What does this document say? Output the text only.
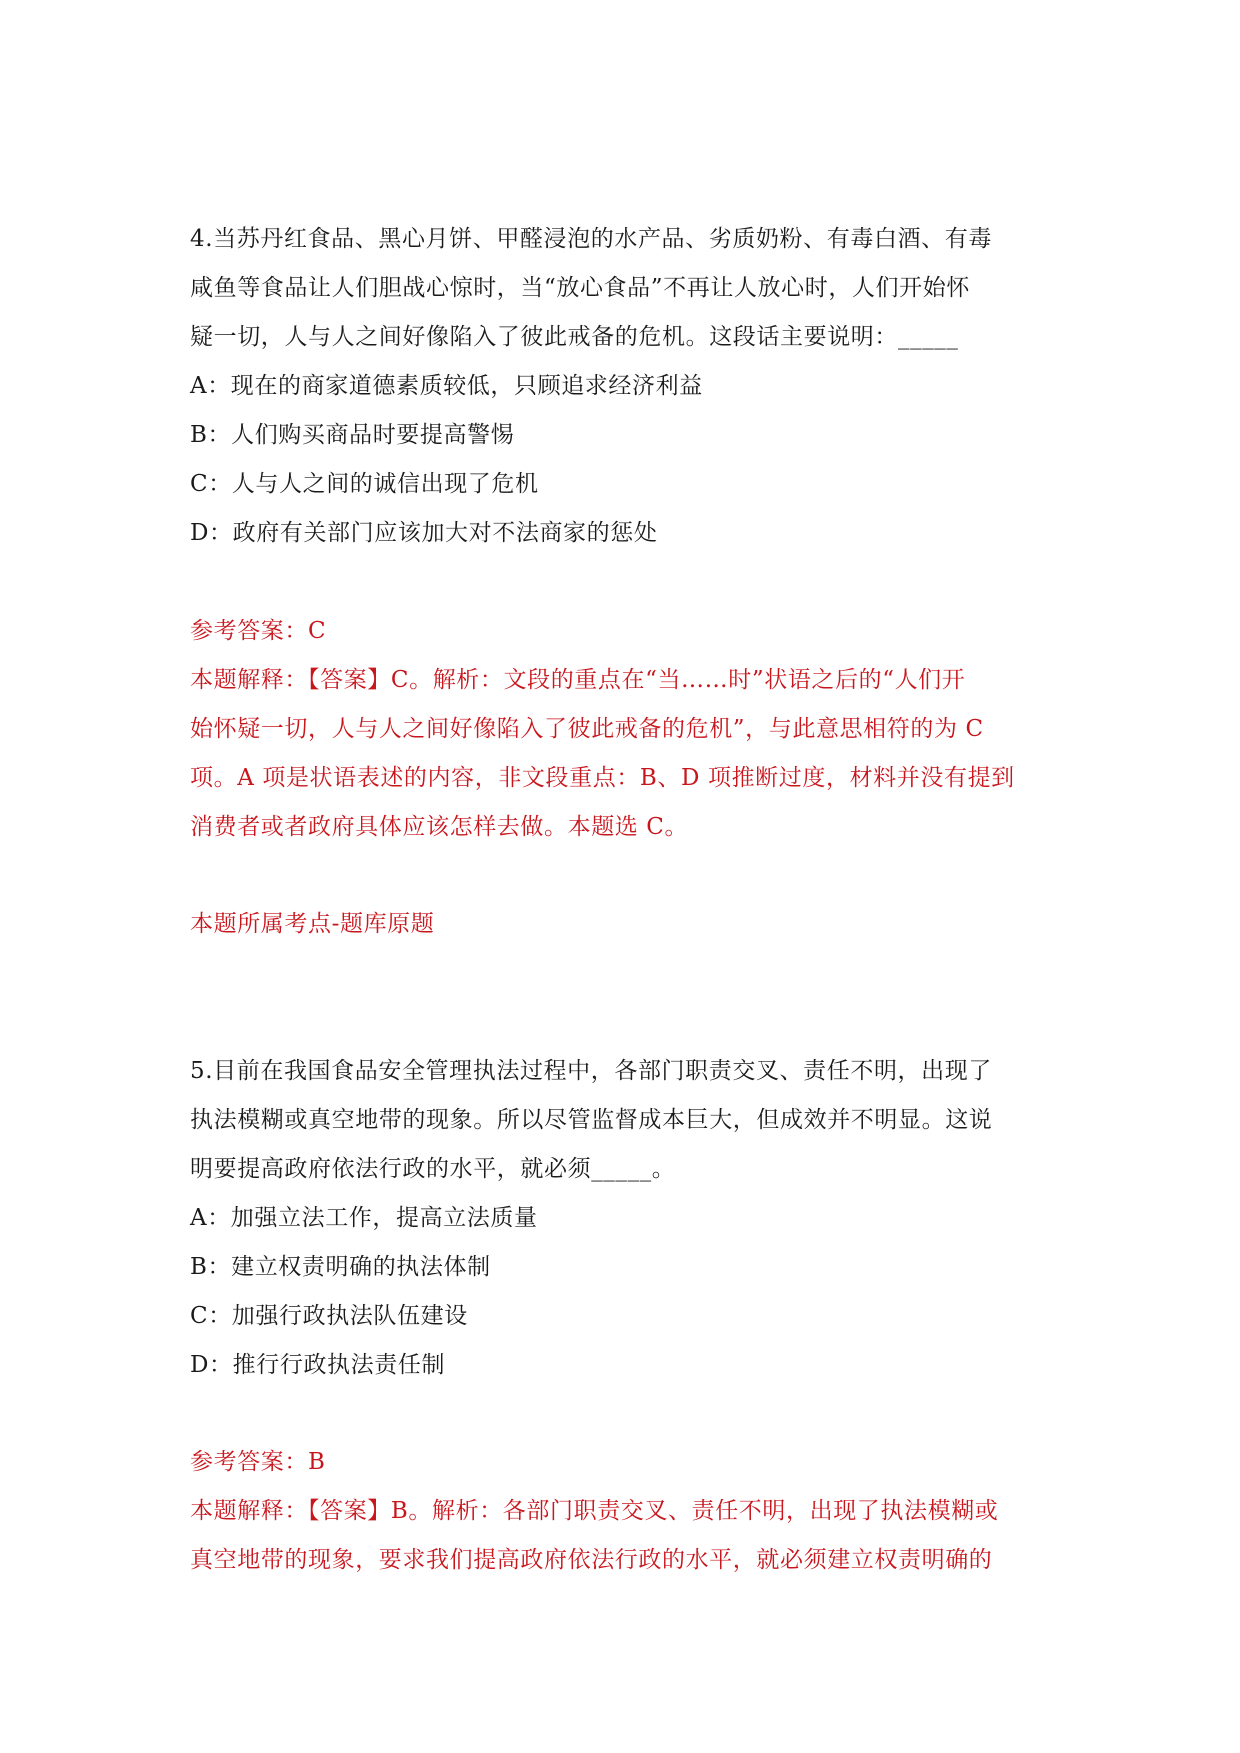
4.当苏丹红食品、黑心月饼、甲醛浸泡的水产品、劣质奶粉、有毒白酒、有毒
咸鱼等食品让人们胆战心惊时，当“放心食品”不再让人放心时，人们开始怀
疑一切，人与人之间好像陷入了彼此戒备的危机。这段话主要说明：_____
A：现在的商家道德素质较低，只顾追求经济利益
B：人们购买商品时要提高警惕
C：人与人之间的诚信出现了危机
D：政府有关部门应该加大对不法商家的惩处
参考答案：C
本题解释：【答案】C。解析：文段的重点在“当……时”状语之后的“人们开
始怀疑一切，人与人之间好像陷入了彼此戒备的危机”，与此意思相符的为 C
项。A 项是状语表述的内容，非文段重点：B、D 项推断过度，材料并没有提到
消费者或者政府具体应该怎样去做。本题选 C。
本题所属考点-题库原题
5.目前在我国食品安全管理执法过程中，各部门职责交叉、责任不明，出现了
执法模糊或真空地带的现象。所以尽管监督成本巨大，但成效并不明显。这说
明要提高政府依法行政的水平，就必须_____。
A：加强立法工作，提高立法质量
B：建立权责明确的执法体制
C：加强行政执法队伍建设
D：推行行政执法责任制
参考答案：B
本题解释：【答案】B。解析：各部门职责交叉、责任不明，出现了执法模糊或
真空地带的现象，要求我们提高政府依法行政的水平，就必须建立权责明确的
